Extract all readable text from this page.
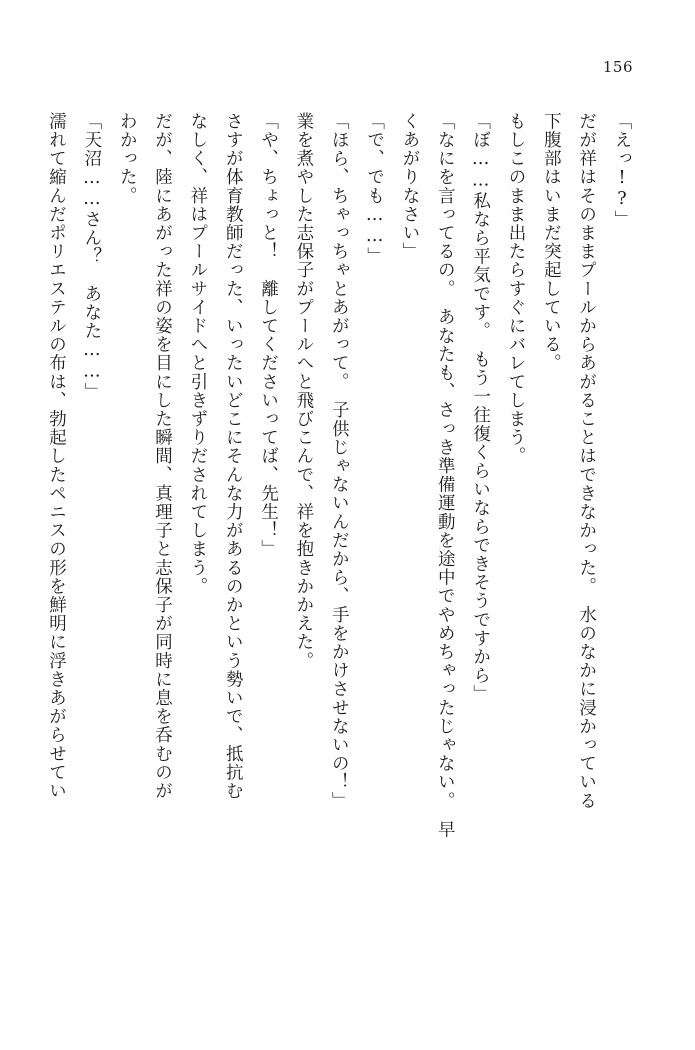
156

「えっ!?」

だが祥はそのままプールからあがることはできなかった。　水のなかに浸かっている

下腹部はいまだ突起している。

もしこのまま出たらすぐにバレてしまう。

「ぼ……私なら平気です。　もう一往復くらいならできそうですから」

「なにを言ってるの。　あなたも、さっき準備運動を途中でやめちゃったじゃない。　早

くあがりなさい」

「で、でも……」

「ほら、ちゃっちゃとあがって。　子供じゃないんだから、手をかけさせないの！」

業を煮やした志保子がプールへと飛びこんで、祥を抱きかかえた。

「や、ちょっと！　離してくださいってば、先生！」

さすが体育教師だった、いったいどこにそんな力があるのかという勢いで、抵抗む

なしく、祥はプールサイドへと引きずりだされてしまう。

だが、陸にあがった祥の姿を目にした瞬間、真理子と志保子が同時に息を呑むのが

わかった。

「天沼……さん？　あなた……」

濡れて縮んだポリエステルの布は、勃起したペニスの形を鮮明に浮きあがらせてい
